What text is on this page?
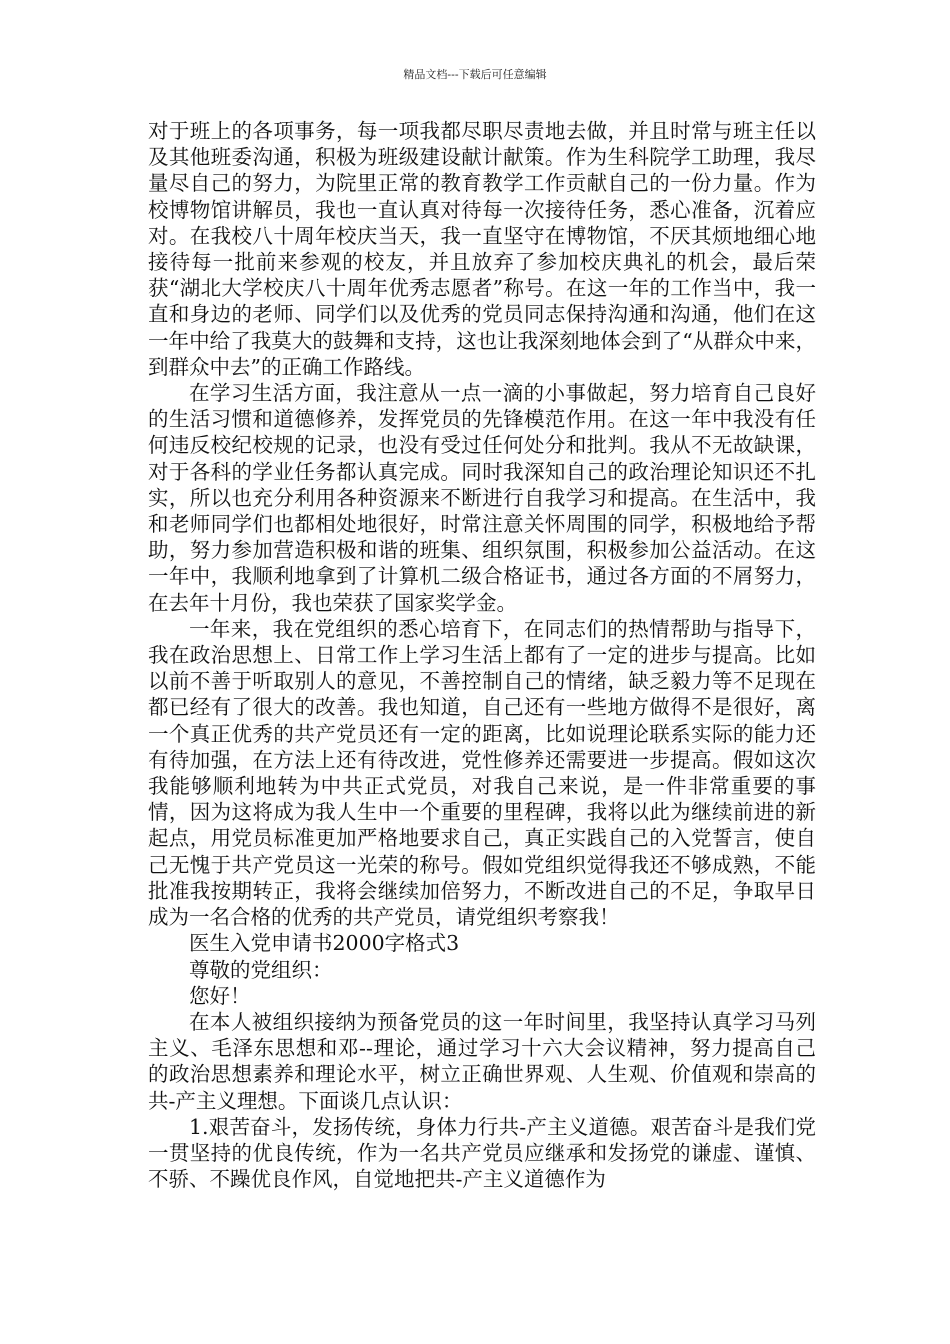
精品文档---下载后可任意编辑

对于班上的各项事务，每一项我都尽职尽责地去做，并且时常与班主任以及其他班委沟通，积极为班级建设献计献策。作为生科院学工助理，我尽量尽自己的努力，为院里正常的教育教学工作贡献自己的一份力量。作为校博物馆讲解员，我也一直认真对待每一次接待任务，悉心准备，沉着应对。在我校八十周年校庆当天，我一直坚守在博物馆，不厌其烦地细心地接待每一批前来参观的校友，并且放弃了参加校庆典礼的机会，最后荣获“湖北大学校庆八十周年优秀志愿者”称号。在这一年的工作当中，我一直和身边的老师、同学们以及优秀的党员同志保持沟通和沟通，他们在这一年中给了我莫大的鼓舞和支持，这也让我深刻地体会到了“从群众中来，到群众中去”的正确工作路线。

在学习生活方面，我注意从一点一滴的小事做起，努力培育自己良好的生活习惯和道德修养，发挥党员的先锋模范作用。在这一年中我没有任何违反校纪校规的记录，也没有受过任何处分和批判。我从不无故缺课，对于各科的学业任务都认真完成。同时我深知自己的政治理论知识还不扎实，所以也充分利用各种资源来不断进行自我学习和提高。在生活中，我和老师同学们也都相处地很好，时常注意关怀周围的同学，积极地给予帮助，努力参加营造积极和谐的班集、组织氛围，积极参加公益活动。在这一年中，我顺利地拿到了计算机二级合格证书，通过各方面的不屑努力，在去年十月份，我也荣获了国家奖学金。

一年来，我在党组织的悉心培育下，在同志们的热情帮助与指导下，我在政治思想上、日常工作上学习生活上都有了一定的进步与提高。比如以前不善于听取别人的意见，不善控制自己的情绪，缺乏毅力等不足现在都已经有了很大的改善。我也知道，自己还有一些地方做得不是很好，离一个真正优秀的共产党员还有一定的距离，比如说理论联系实际的能力还有待加强，在方法上还有待改进，党性修养还需要进一步提高。假如这次我能够顺利地转为中共正式党员，对我自己来说，是一件非常重要的事情，因为这将成为我人生中一个重要的里程碑，我将以此为继续前进的新起点，用党员标准更加严格地要求自己，真正实践自己的入党誓言，使自己无愧于共产党员这一光荣的称号。假如党组织觉得我还不够成熟，不能批准我按期转正，我将会继续加倍努力，不断改进自己的不足，争取早日成为一名合格的优秀的共产党员，请党组织考察我！

医生入党申请书2000字格式3

尊敬的党组织：

您好！

在本人被组织接纳为预备党员的这一年时间里，我坚持认真学习马列主义、毛泽东思想和邓--理论，通过学习十六大会议精神，努力提高自己的政治思想素养和理论水平，树立正确世界观、人生观、价值观和崇高的共-产主义理想。下面谈几点认识：

1.艰苦奋斗，发扬传统，身体力行共-产主义道德。艰苦奋斗是我们党一贯坚持的优良传统，作为一名共产党员应继承和发扬党的谦虚、谨慎、不骄、不躁优良作风，自觉地把共-产主义道德作为
